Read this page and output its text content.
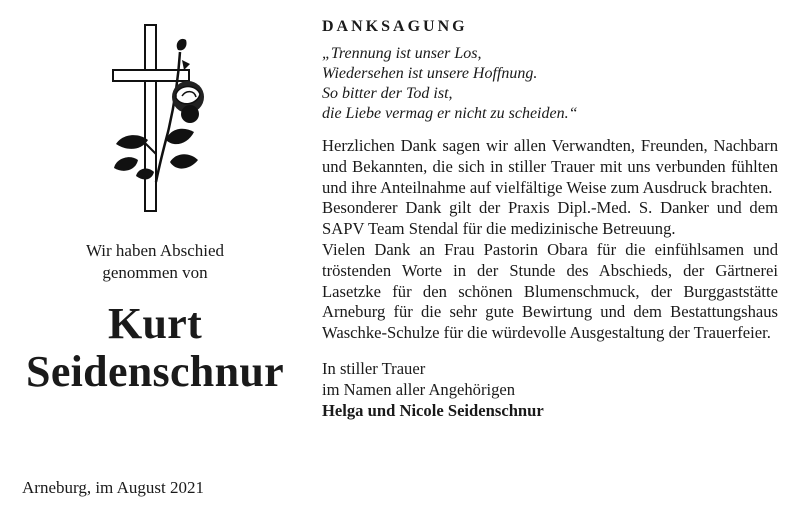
Wir haben Abschied
genommen von
Kurt
Seidenschnur
Arneburg, im August 2021
DANKSAGUNG
„Trennung ist unser Los,
Wiedersehen ist unsere Hoffnung.
So bitter der Tod ist,
die Liebe vermag er nicht zu scheiden.“

Herzlichen Dank sagen wir allen Verwandten, Freunden, Nachbarn und Bekannten, die sich in stiller Trauer mit uns verbunden fühlten und ihre Anteilnahme auf vielfältige Weise zum Ausdruck brachten.

Besonderer Dank gilt der Praxis Dipl.-Med. S. Danker und dem SAPV Team Stendal für die medizinische Betreuung.

Vielen Dank an Frau Pastorin Obara für die einfühlsamen und tröstenden Worte in der Stunde des Abschieds, der Gärtnerei Lasetzke für den schönen Blumenschmuck, der Burggaststätte Arneburg für die sehr gute Bewirtung und dem Bestattungshaus Waschke-Schulze für die würdevolle Ausgestaltung der Trauerfeier.

In stiller Trauer
im Namen aller Angehörigen
Helga und Nicole Seidenschnur
